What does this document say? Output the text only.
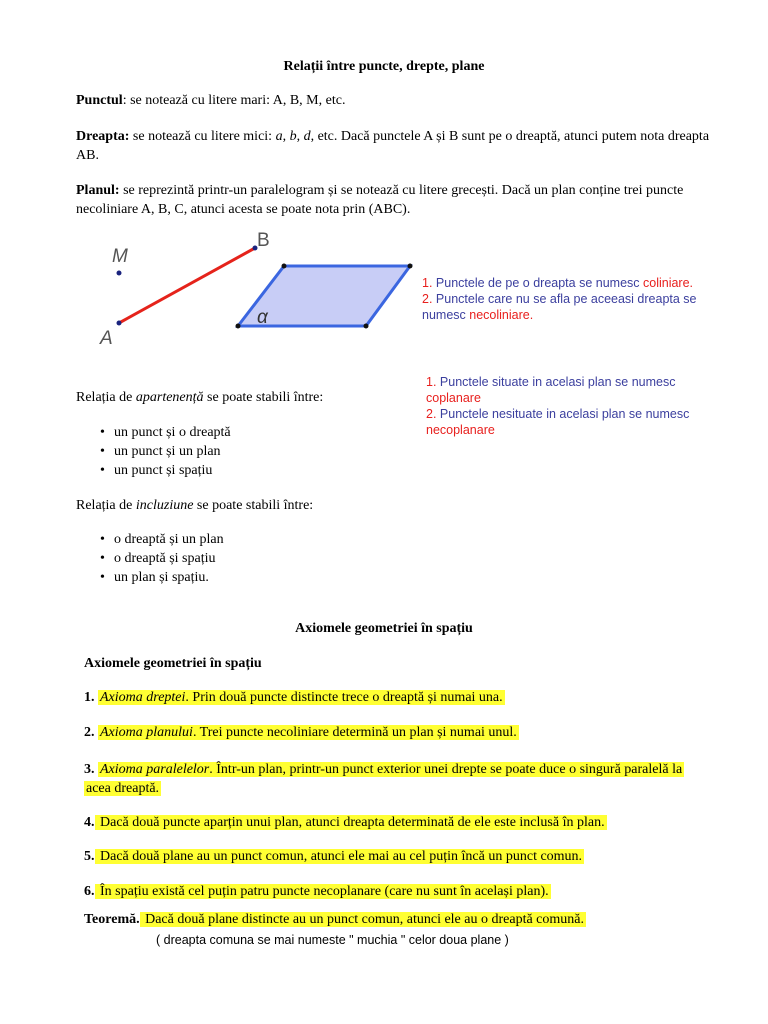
Relații între puncte, drepte, plane
Punctul: se notează cu litere mari: A, B, M, etc.
Dreapta: se notează cu litere mici: a, b, d, etc. Dacă punctele A și B sunt pe o dreaptă, atunci putem nota dreapta AB.
Planul: se reprezintă printr-un paralelogram și se notează cu litere grecești. Dacă un plan conține trei puncte necoliniare A, B, C, atunci acesta se poate nota prin (ABC).
M
A
B
α
1. Punctele de pe o dreapta se numesc coliniare.
2. Punctele care nu se afla pe aceeasi dreapta se numesc necoliniare.
1. Punctele situate in acelasi plan se numesc coplanare
2. Punctele nesituate in acelasi plan se numesc necoplanare
Relația de apartenență se poate stabili între:
• un punct și o dreaptă
• un punct și un plan
• un punct și spațiu
Relația de incluziune se poate stabili între:
• o dreaptă și un plan
• o dreaptă și spațiu
• un plan și spațiu.
Axiomele geometriei în spațiu
Axiomele geometriei în spațiu
1. Axioma dreptei. Prin două puncte distincte trece o dreaptă și numai una.
2. Axioma planului. Trei puncte necoliniare determină un plan și numai unul.
3. Axioma paralelelor. Într-un plan, printr-un punct exterior unei drepte se poate duce o singură paralelă la acea dreaptă.
4. Dacă două puncte aparțin unui plan, atunci dreapta determinată de ele este inclusă în plan.
5. Dacă două plane au un punct comun, atunci ele mai au cel puțin încă un punct comun.
6. În spațiu există cel puțin patru puncte necoplanare (care nu sunt în același plan).
Teoremă. Dacă două plane distincte au un punct comun, atunci ele au o dreaptă comună.
( dreapta comuna se mai numeste " muchia " celor doua plane )
